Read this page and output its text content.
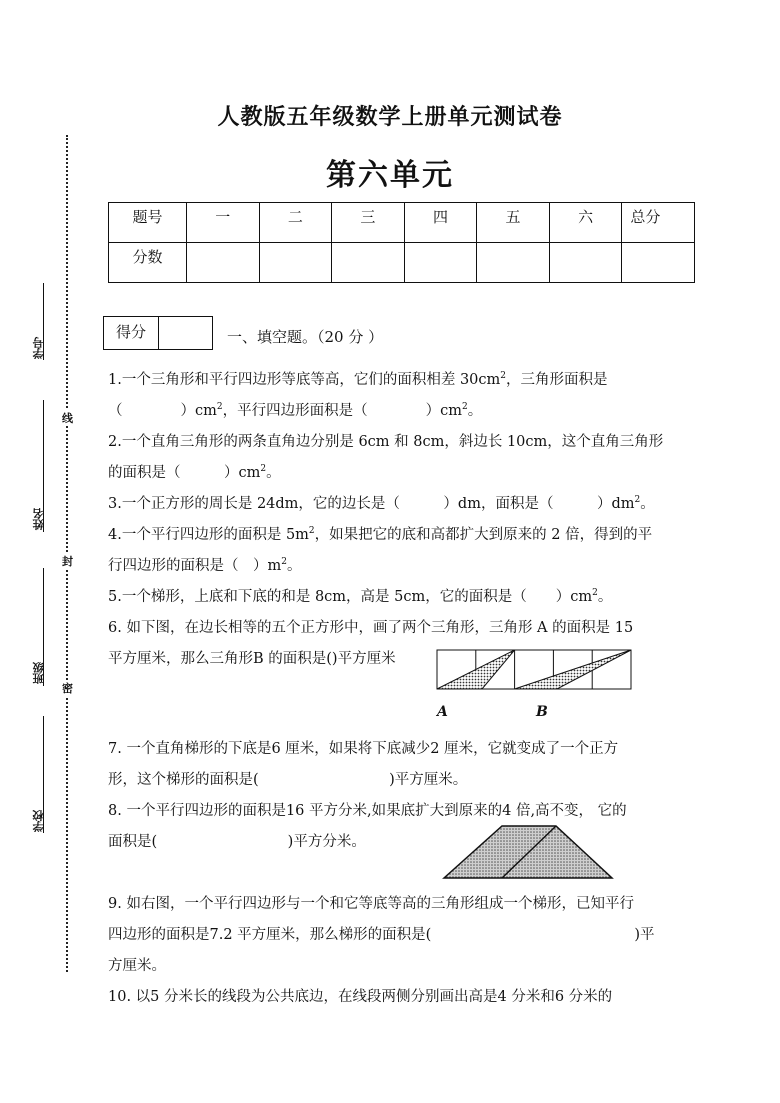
线
封
密
学号
姓名
班级
学校
人教版五年级数学上册单元测试卷
第六单元
题号	一	二	三	四	五	六	总分
分数							
得分	一、填空题。（20 分 ）
1.一个三角形和平行四边形等底等高，它们的面积相差 $30cm^2$，三角形面积是
（　　　　）$cm^2$，平行四边形面积是（　　　　）$cm^2$。
2.一个直角三角形的两条直角边分别是 6cm 和 8cm，斜边长 10cm，这个直角三角形
的面积是（　　　）$cm^2$。
3.一个正方形的周长是 24dm，它的边长是（　　　）dm，面积是（　　　）$dm^2$。
4.一个平行四边形的面积是 $5m^2$，如果把它的底和高都扩大到原来的 2 倍，得到的平
行四边形的面积是（　）$m^2$。
5.一个梯形，上底和下底的和是 8cm，高是 5cm，它的面积是（　　）$cm^2$。
6. 如下图，在边长相等的五个正方形中，画了两个三角形，三角形 A 的面积是 15
平方厘米，那么三角形B 的面积是()平方厘米
A	B
7. 一个直角梯形的下底是6 厘米，如果将下底减少2 厘米，它就变成了一个正方
形，这个梯形的面积是(　　　　　　　　　)平方厘米。
8. 一个平行四边形的面积是16 平方分米,如果底扩大到原来的4 倍,高不变， 它的
面积是(　　　　　　　　　)平方分米。
9. 如右图，一个平行四边形与一个和它等底等高的三角形组成一个梯形，已知平行
四边形的面积是7.2 平方厘米，那么梯形的面积是(　　　　　　　　　　　　　　)平
方厘米。
10. 以5 分米长的线段为公共底边，在线段两侧分别画出高是4 分米和6 分米的
